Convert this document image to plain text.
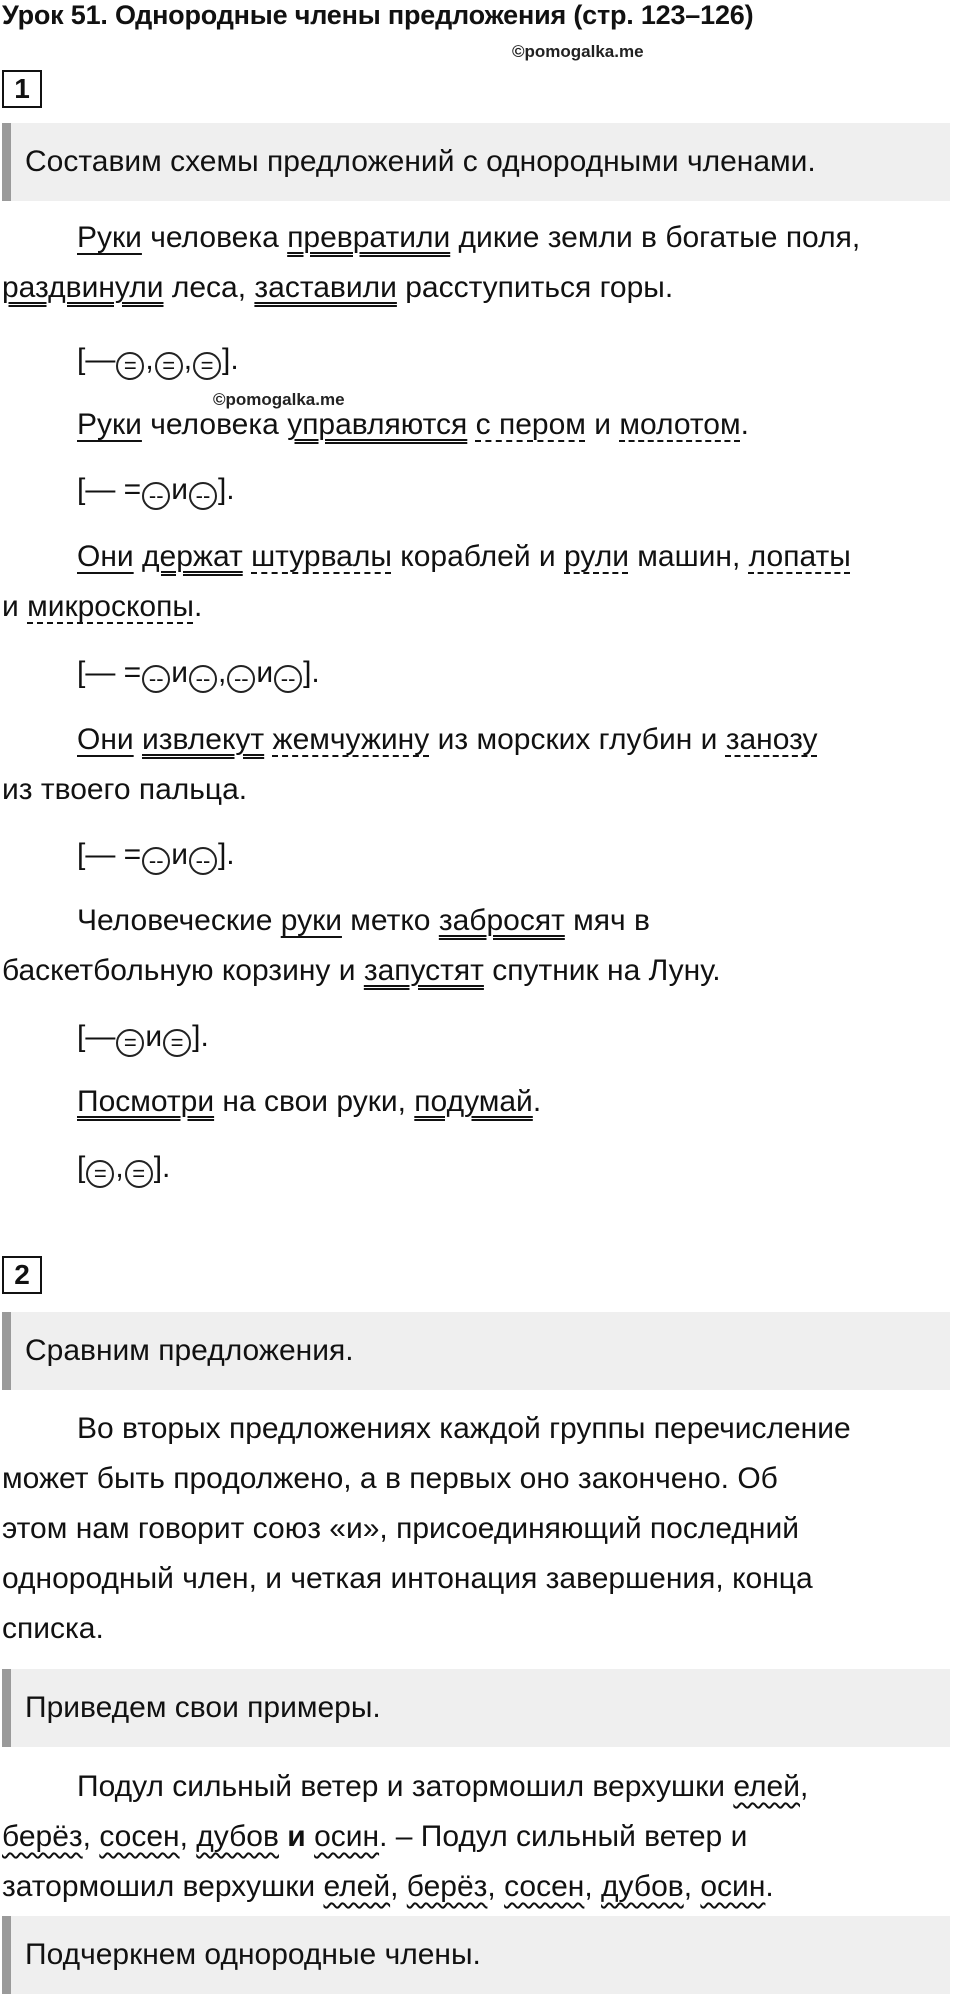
Урок 51. Однородные члены предложения (стр. 123–126)
©pomogalka.me
1
Составим схемы предложений с однородными членами.
Руки человека превратили дикие земли в богатые поля,
раздвинули леса, заставили расступиться горы.
[— = , = , = ].
©pomogalka.me
Руки человека управляются с пером и молотом.
[— = -- и -- ].
Они держат штурвалы кораблей и рули машин, лопаты
и микроскопы.
[— = -- и -- , -- и -- ].
Они извлекут жемчужину из морских глубин и занозу
из твоего пальца.
[— = -- и -- ].
Человеческие руки метко забросят мяч в
баскетбольную корзину и запустят спутник на Луну.
[— = и = ].
Посмотри на свои руки, подумай.
[ = , = ].
2
Сравним предложения.
Во вторых предложениях каждой группы перечисление
может быть продолжено, а в первых оно закончено. Об
этом нам говорит союз «и», присоединяющий последний
однородный член, и четкая интонация завершения, конца
списка.
Приведем свои примеры.
Подул сильный ветер и затормошил верхушки елей,
берёз, сосен, дубов и осин. – Подул сильный ветер и
затормошил верхушки елей, берёз, сосен, дубов, осин.
Подчеркнем однородные члены.
